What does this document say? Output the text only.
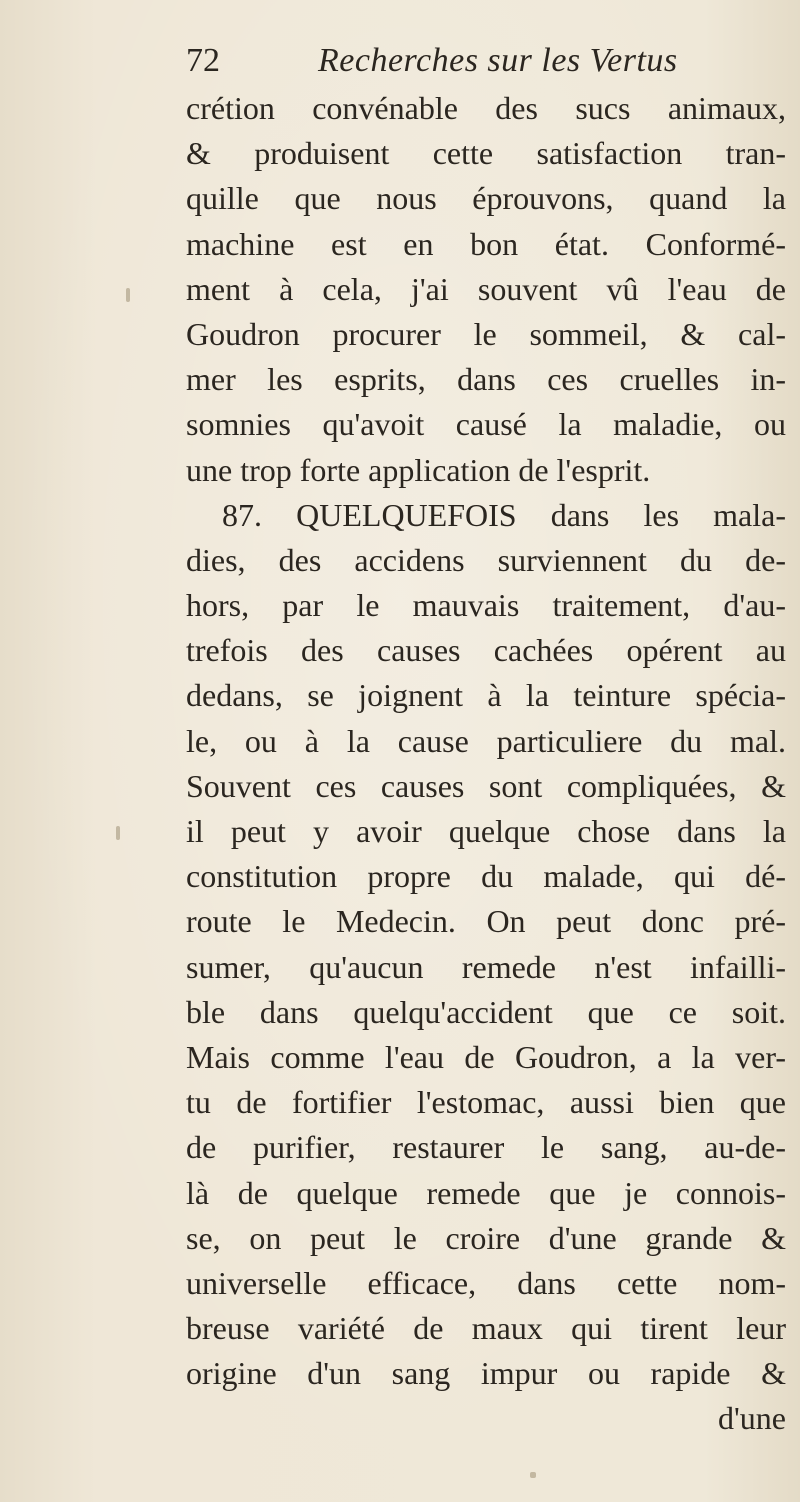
72	Recherches sur les Vertus
crétion convénable des sucs animaux,
& produisent cette satisfaction tran-
quille que nous éprouvons, quand la
machine est en bon état. Conformé-
ment à cela, j'ai souvent vû l'eau de
Goudron procurer le sommeil, & cal-
mer les esprits, dans ces cruelles in-
somnies qu'avoit causé la maladie, ou
une trop forte application de l'esprit.
87. QUELQUEFOIS dans les mala-
dies, des accidens surviennent du de-
hors, par le mauvais traitement, d'au-
trefois des causes cachées opérent au
dedans, se joignent à la teinture spécia-
le, ou à la cause particuliere du mal.
Souvent ces causes sont compliquées, &
il peut y avoir quelque chose dans la
constitution propre du malade, qui dé-
route le Medecin. On peut donc pré-
sumer, qu'aucun remede n'est infailli-
ble dans quelqu'accident que ce soit.
Mais comme l'eau de Goudron, a la ver-
tu de fortifier l'estomac, aussi bien que
de purifier, restaurer le sang, au-de-
là de quelque remede que je connois-
se, on peut le croire d'une grande &
universelle efficace, dans cette nom-
breuse variété de maux qui tirent leur
origine d'un sang impur ou rapide &
d'une
